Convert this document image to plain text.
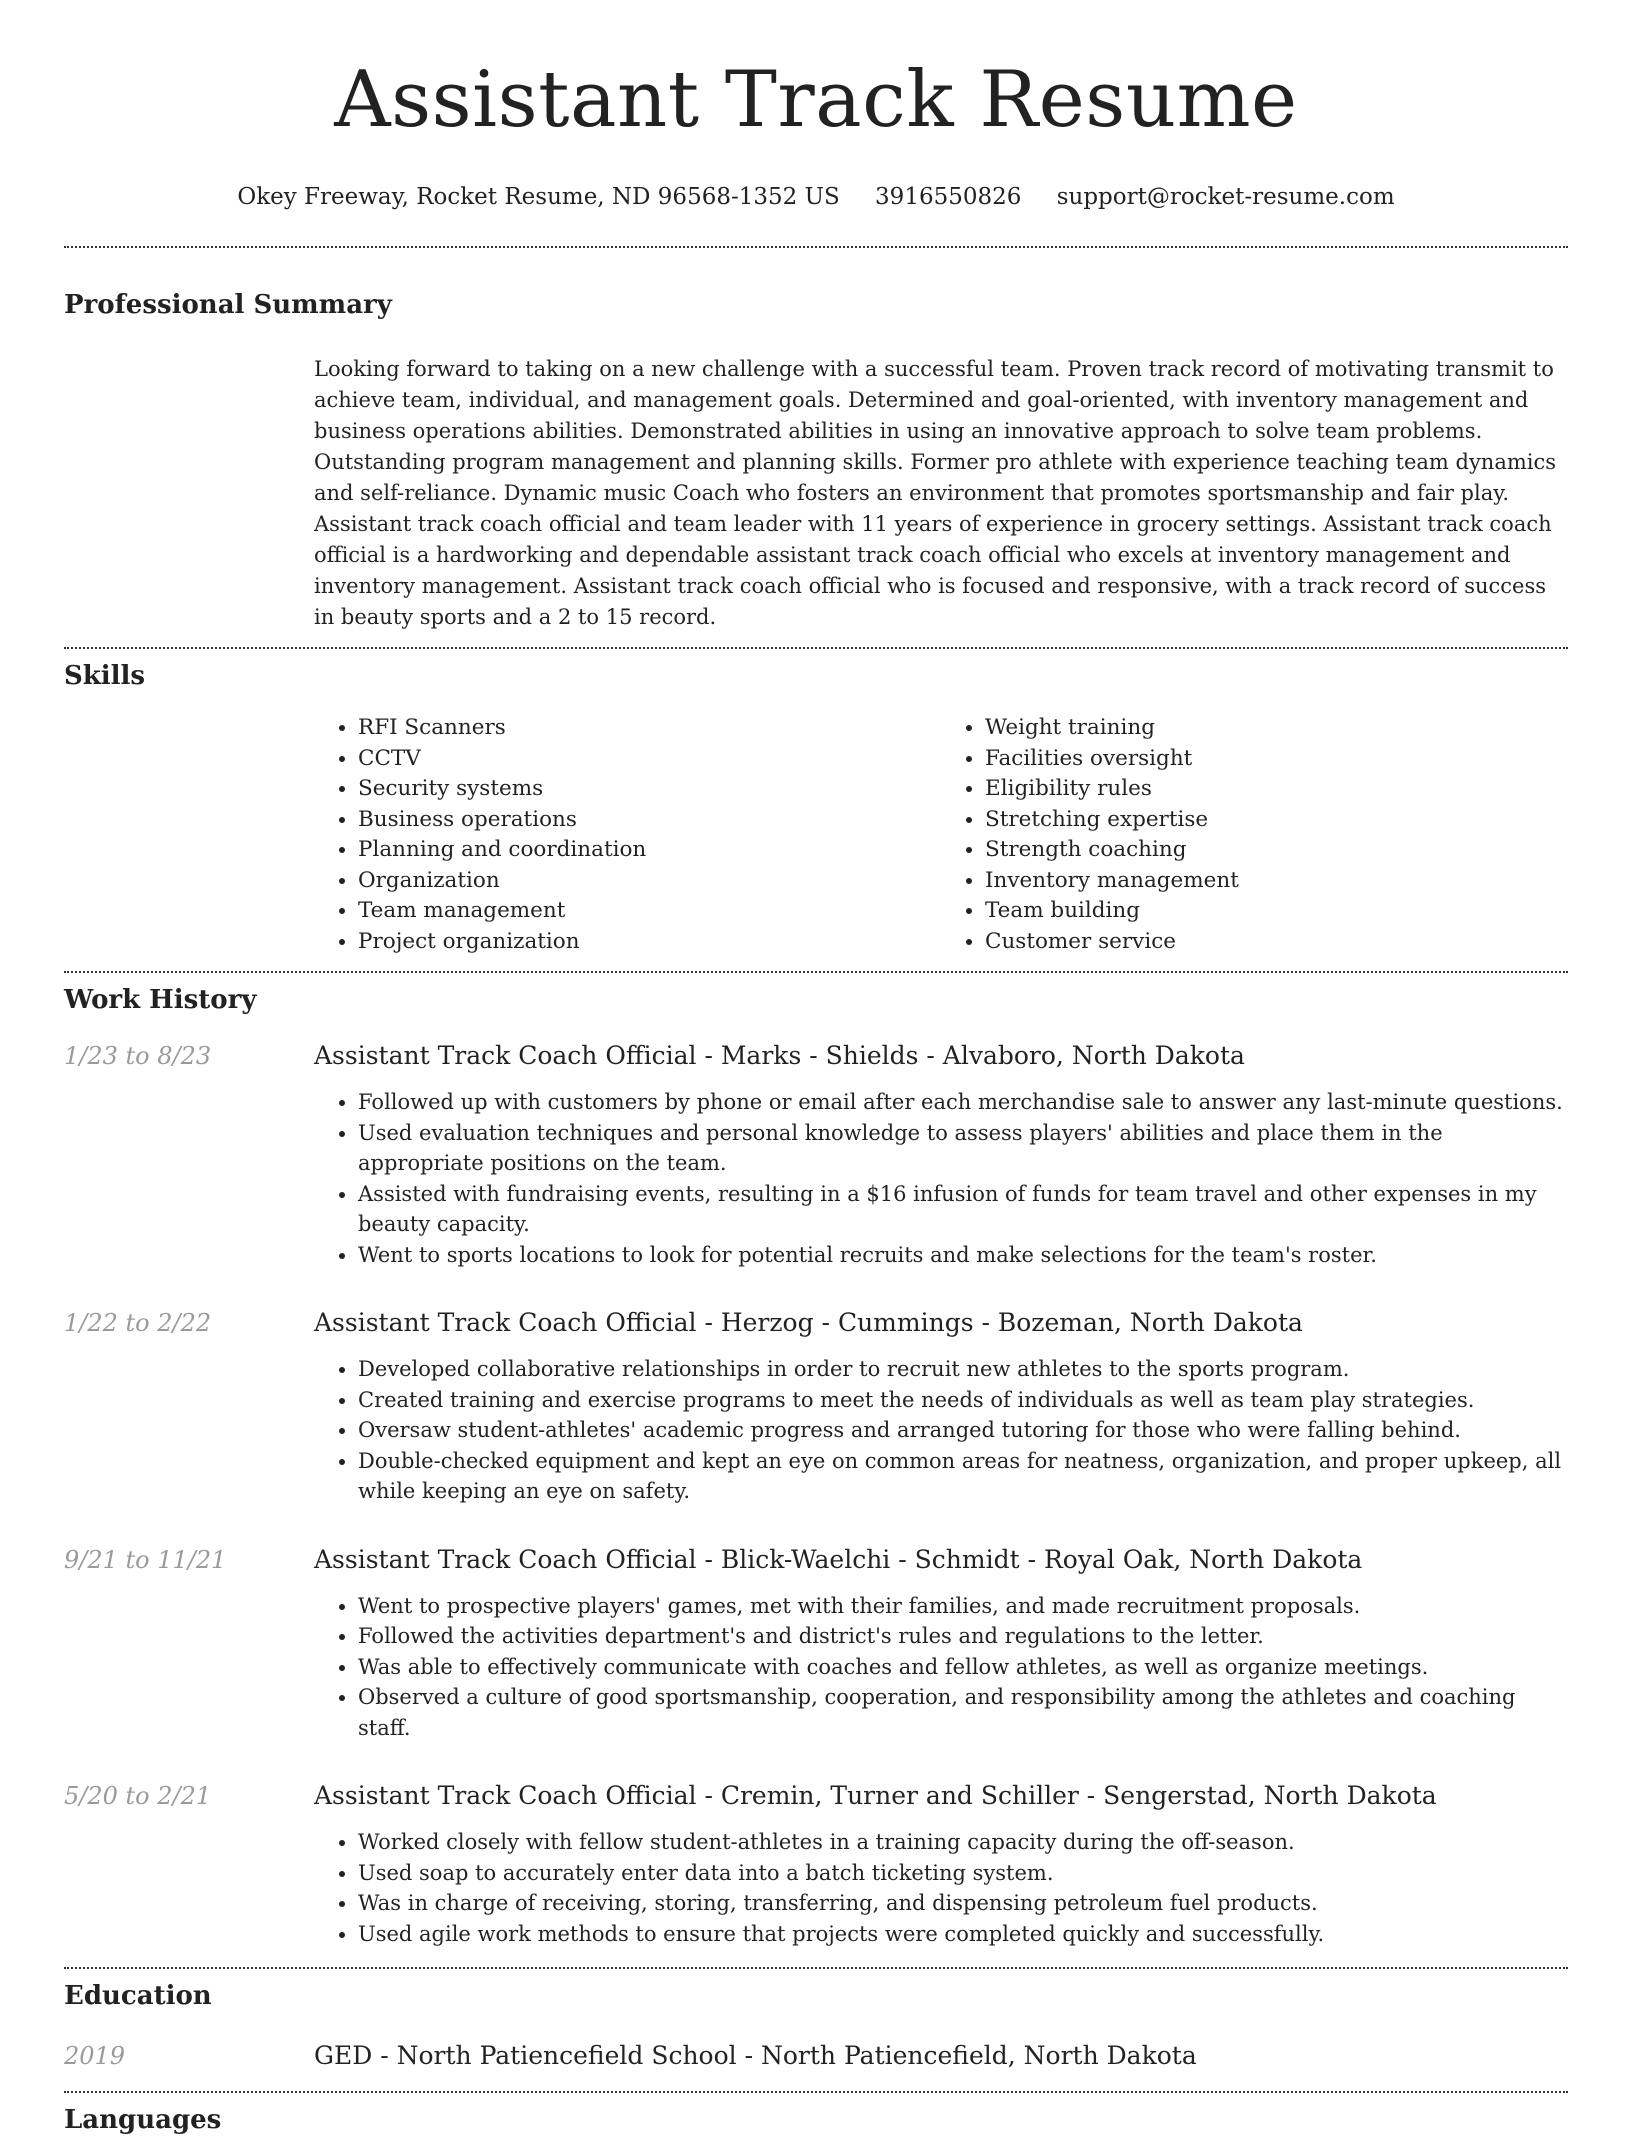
Assistant Track Resume
Okey Freeway, Rocket Resume, ND 96568-1352 US 3916550826 support@rocket-resume.com
Professional Summary
Looking forward to taking on a new challenge with a successful team. Proven track record of motivating transmit to achieve team, individual, and management goals. Determined and goal-oriented, with inventory management and business operations abilities. Demonstrated abilities in using an innovative approach to solve team problems. Outstanding program management and planning skills. Former pro athlete with experience teaching team dynamics and self-reliance. Dynamic music Coach who fosters an environment that promotes sportsmanship and fair play. Assistant track coach official and team leader with 11 years of experience in grocery settings. Assistant track coach official is a hardworking and dependable assistant track coach official who excels at inventory management and inventory management. Assistant track coach official who is focused and responsive, with a track record of success in beauty sports and a 2 to 15 record.
Skills
• RFI Scanners
• CCTV
• Security systems
• Business operations
• Planning and coordination
• Organization
• Team management
• Project organization
• Weight training
• Facilities oversight
• Eligibility rules
• Stretching expertise
• Strength coaching
• Inventory management
• Team building
• Customer service
Work History
1/23 to 8/23	Assistant Track Coach Official - Marks - Shields - Alvaboro, North Dakota
• Followed up with customers by phone or email after each merchandise sale to answer any last-minute questions.
• Used evaluation techniques and personal knowledge to assess players' abilities and place them in the appropriate positions on the team.
• Assisted with fundraising events, resulting in a $16 infusion of funds for team travel and other expenses in my beauty capacity.
• Went to sports locations to look for potential recruits and make selections for the team's roster.
1/22 to 2/22	Assistant Track Coach Official - Herzog - Cummings - Bozeman, North Dakota
• Developed collaborative relationships in order to recruit new athletes to the sports program.
• Created training and exercise programs to meet the needs of individuals as well as team play strategies.
• Oversaw student-athletes' academic progress and arranged tutoring for those who were falling behind.
• Double-checked equipment and kept an eye on common areas for neatness, organization, and proper upkeep, all while keeping an eye on safety.
9/21 to 11/21	Assistant Track Coach Official - Blick-Waelchi - Schmidt - Royal Oak, North Dakota
• Went to prospective players' games, met with their families, and made recruitment proposals.
• Followed the activities department's and district's rules and regulations to the letter.
• Was able to effectively communicate with coaches and fellow athletes, as well as organize meetings.
• Observed a culture of good sportsmanship, cooperation, and responsibility among the athletes and coaching staff.
5/20 to 2/21	Assistant Track Coach Official - Cremin, Turner and Schiller - Sengerstad, North Dakota
• Worked closely with fellow student-athletes in a training capacity during the off-season.
• Used soap to accurately enter data into a batch ticketing system.
• Was in charge of receiving, storing, transferring, and dispensing petroleum fuel products.
• Used agile work methods to ensure that projects were completed quickly and successfully.
Education
2019	GED - North Patiencefield School - North Patiencefield, North Dakota
Languages
